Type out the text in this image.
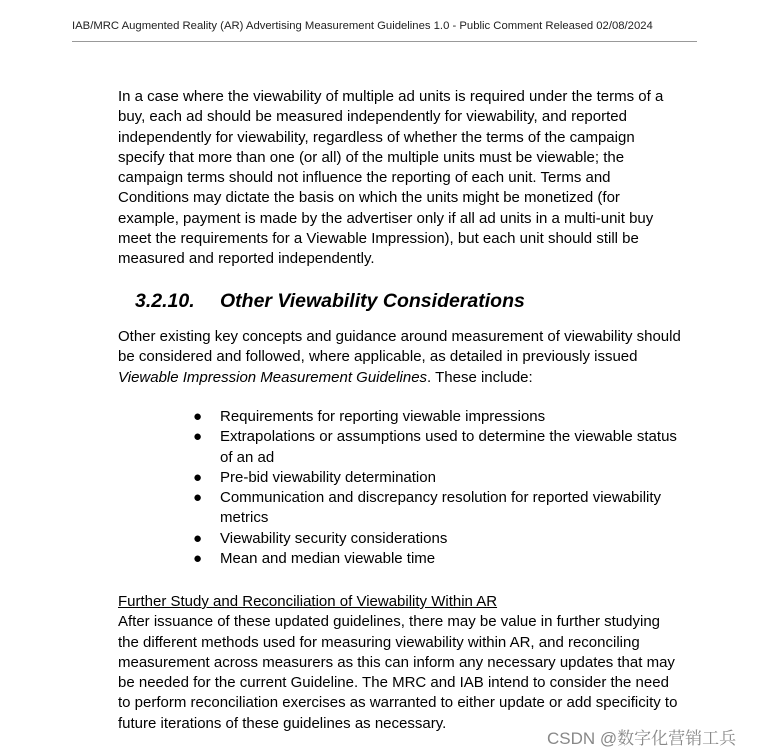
IAB/MRC Augmented Reality (AR) Advertising Measurement Guidelines 1.0 - Public Comment Released 02/08/2024
In a case where the viewability of multiple ad units is required under the terms of a
buy, each ad should be measured independently for viewability, and reported
independently for viewability, regardless of whether the terms of the campaign
specify that more than one (or all) of the multiple units must be viewable; the
campaign terms should not influence the reporting of each unit. Terms and
Conditions may dictate the basis on which the units might be monetized (for
example, payment is made by the advertiser only if all ad units in a multi-unit buy
meet the requirements for a Viewable Impression), but each unit should still be
measured and reported independently.
3.2.10. Other Viewability Considerations
Other existing key concepts and guidance around measurement of viewability should
be considered and followed, where applicable, as detailed in previously issued
Viewable Impression Measurement Guidelines. These include:
● Requirements for reporting viewable impressions
● Extrapolations or assumptions used to determine the viewable status
of an ad
● Pre-bid viewability determination
● Communication and discrepancy resolution for reported viewability
metrics
● Viewability security considerations
● Mean and median viewable time
Further Study and Reconciliation of Viewability Within AR
After issuance of these updated guidelines, there may be value in further studying
the different methods used for measuring viewability within AR, and reconciling
measurement across measurers as this can inform any necessary updates that may
be needed for the current Guideline. The MRC and IAB intend to consider the need
to perform reconciliation exercises as warranted to either update or add specificity to
future iterations of these guidelines as necessary.
CSDN @数字化营销工兵
